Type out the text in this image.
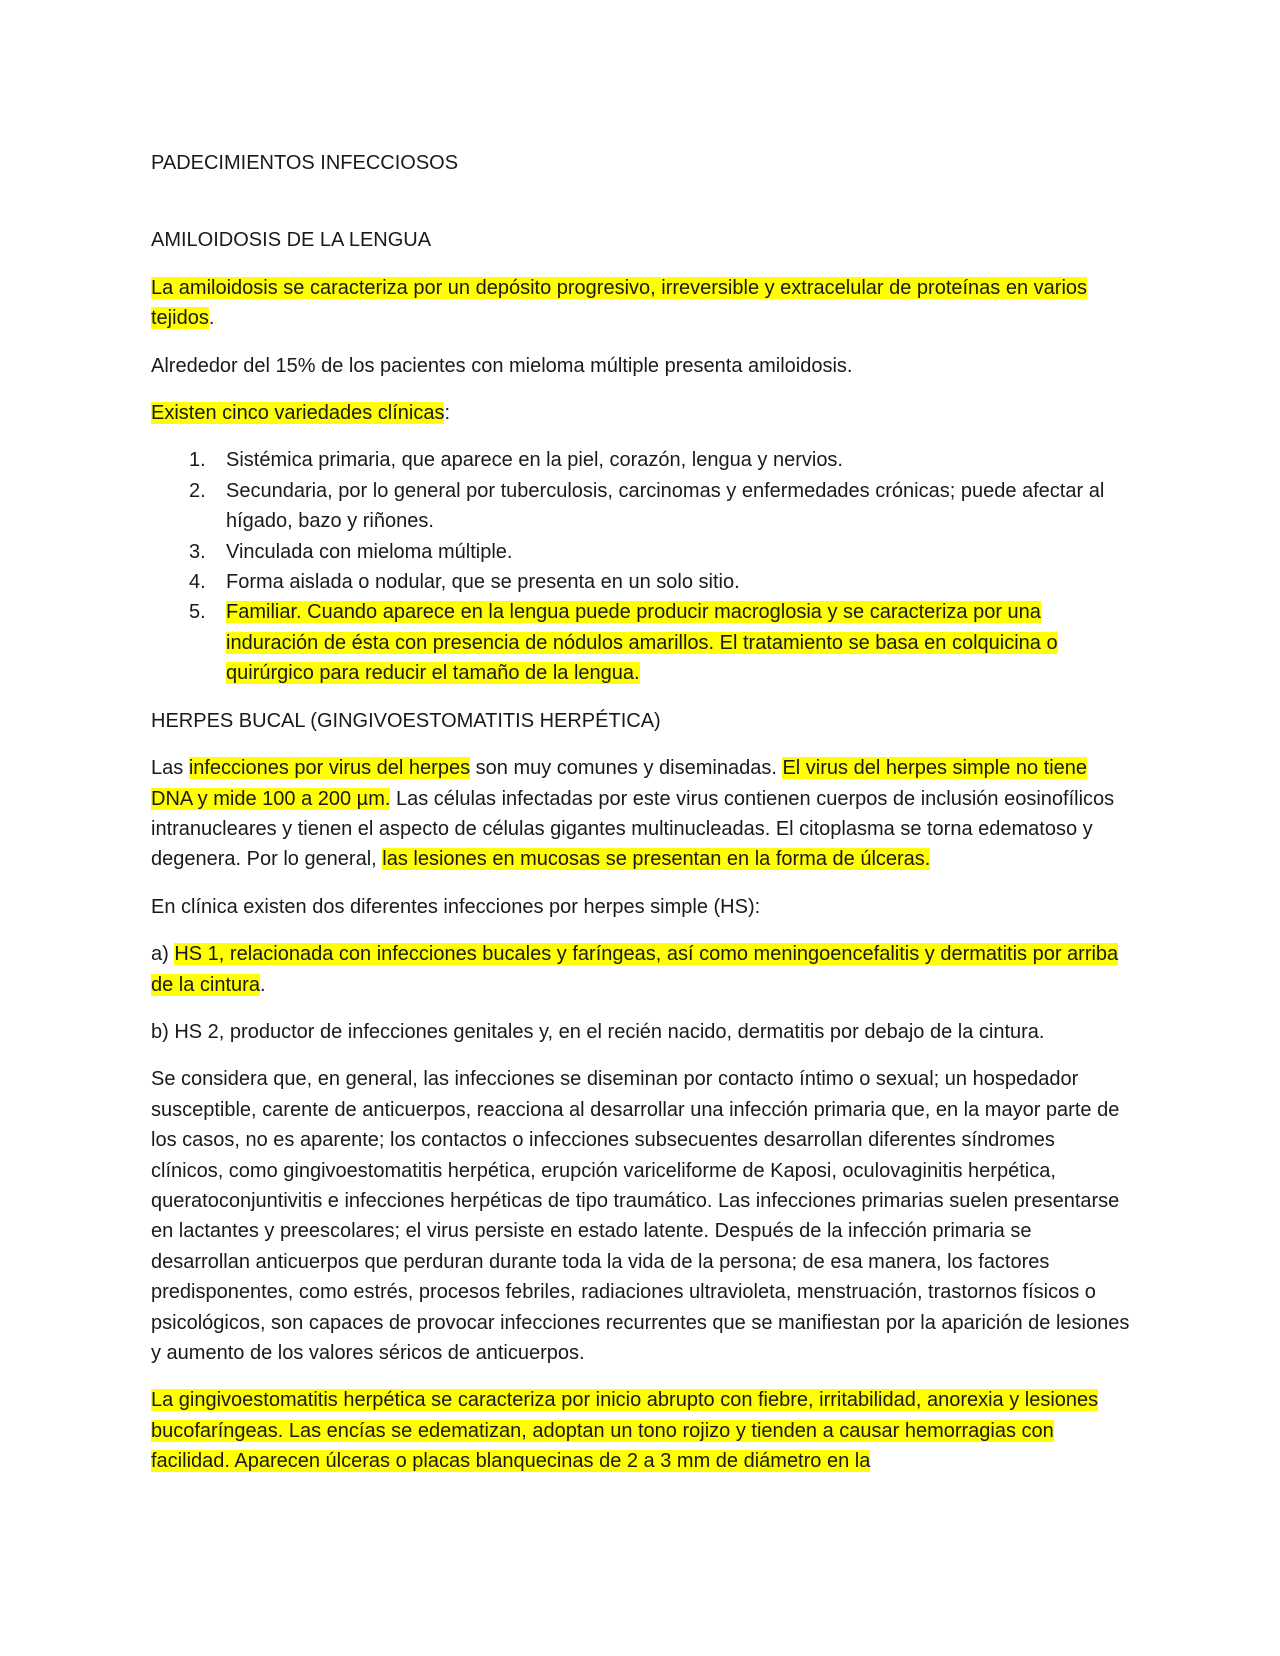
PADECIMIENTOS INFECCIOSOS

AMILOIDOSIS DE LA LENGUA

La amiloidosis se caracteriza por un depósito progresivo, irreversible y extracelular de proteínas en varios tejidos.

Alrededor del 15% de los pacientes con mieloma múltiple presenta amiloidosis.

Existen cinco variedades clínicas:

1. Sistémica primaria, que aparece en la piel, corazón, lengua y nervios.
2. Secundaria, por lo general por tuberculosis, carcinomas y enfermedades crónicas; puede afectar al hígado, bazo y riñones.
3. Vinculada con mieloma múltiple.
4. Forma aislada o nodular, que se presenta en un solo sitio.
5. Familiar. Cuando aparece en la lengua puede producir macroglosia y se caracteriza por una induración de ésta con presencia de nódulos amarillos. El tratamiento se basa en colquicina o quirúrgico para reducir el tamaño de la lengua.

HERPES BUCAL (GINGIVOESTOMATITIS HERPÉTICA)

Las infecciones por virus del herpes son muy comunes y diseminadas. El virus del herpes simple no tiene DNA y mide 100 a 200 µm. Las células infectadas por este virus contienen cuerpos de inclusión eosinofílicos intranucleares y tienen el aspecto de células gigantes multinucleadas. El citoplasma se torna edematoso y degenera. Por lo general, las lesiones en mucosas se presentan en la forma de úlceras.

En clínica existen dos diferentes infecciones por herpes simple (HS):

a) HS 1, relacionada con infecciones bucales y faríngeas, así como meningoencefalitis y dermatitis por arriba de la cintura.

b) HS 2, productor de infecciones genitales y, en el recién nacido, dermatitis por debajo de la cintura.

Se considera que, en general, las infecciones se diseminan por contacto íntimo o sexual; un hospedador susceptible, carente de anticuerpos, reacciona al desarrollar una infección primaria que, en la mayor parte de los casos, no es aparente; los contactos o infecciones subsecuentes desarrollan diferentes síndromes clínicos, como gingivoestomatitis herpética, erupción variceliforme de Kaposi, oculovaginitis herpética, queratoconjuntivitis e infecciones herpéticas de tipo traumático. Las infecciones primarias suelen presentarse en lactantes y preescolares; el virus persiste en estado latente. Después de la infección primaria se desarrollan anticuerpos que perduran durante toda la vida de la persona; de esa manera, los factores predisponentes, como estrés, procesos febriles, radiaciones ultravioleta, menstruación, trastornos físicos o psicológicos, son capaces de provocar infecciones recurrentes que se manifiestan por la aparición de lesiones y aumento de los valores séricos de anticuerpos.

La gingivoestomatitis herpética se caracteriza por inicio abrupto con fiebre, irritabilidad, anorexia y lesiones bucofaríngeas. Las encías se edematizan, adoptan un tono rojizo y tienden a causar hemorragias con facilidad. Aparecen úlceras o placas blanquecinas de 2 a 3 mm de diámetro en la
